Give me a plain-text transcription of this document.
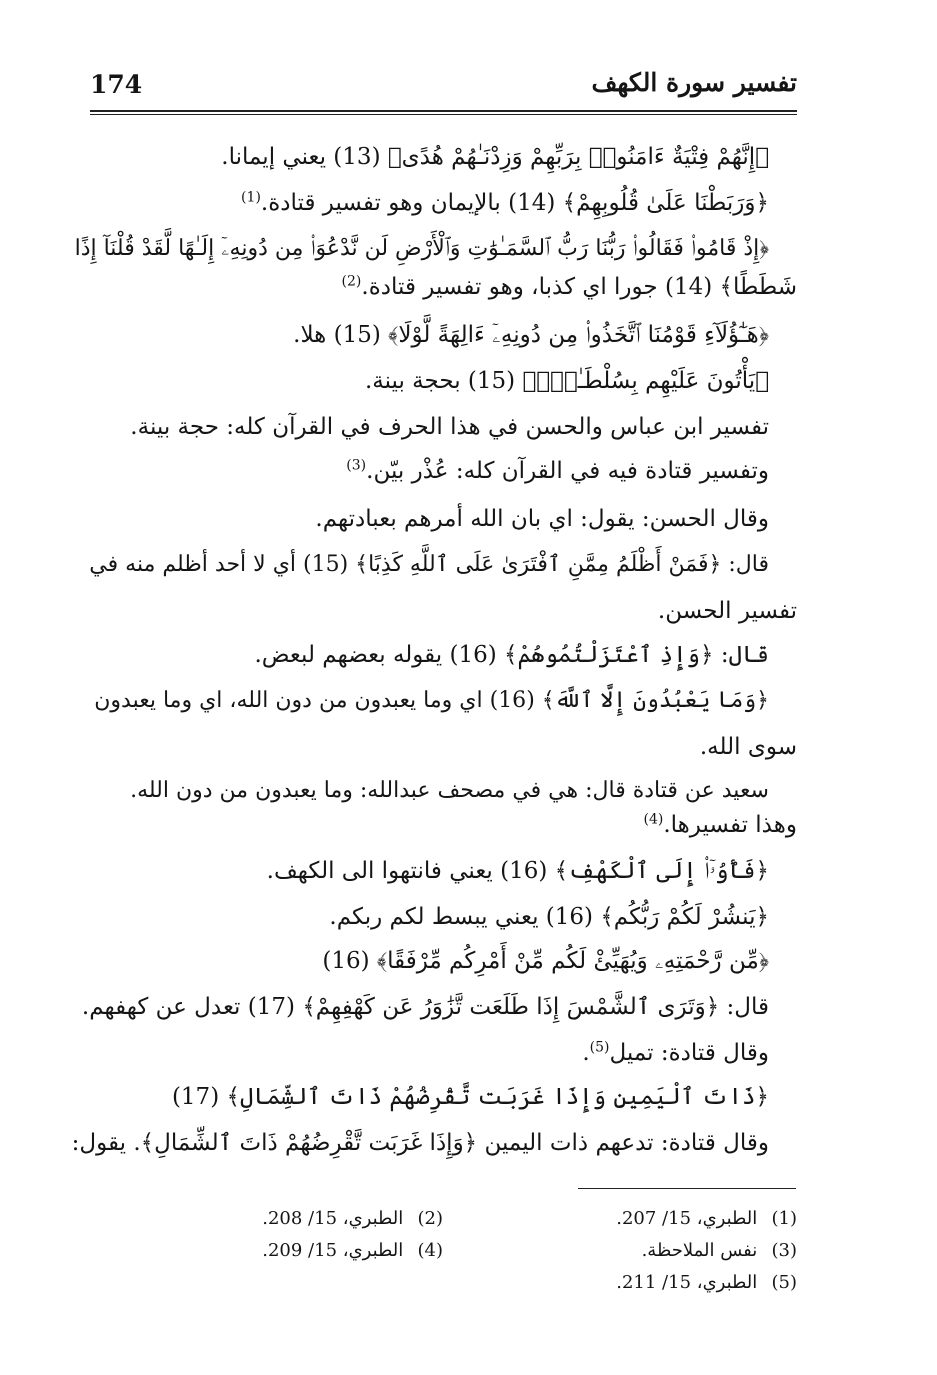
174	تفسير سورة الكهف
﴿إِنَّهُمْ فِتْيَةٌ ءَامَنُوا۟ بِرَبِّهِمْ وَزِدْنَـٰهُمْ هُدًى﴾ (13) يعني إيمانا.
﴿وَرَبَطْنَا عَلَىٰ قُلُوبِهِمْ﴾ (14) بالإيمان وهو تفسير قتادة.$^{(1)}$
﴿إِذْ قَامُوا۟ فَقَالُوا۟ رَبُّنَا رَبُّ ٱلسَّمَـٰوَٰتِ وَٱلْأَرْضِ لَن نَّدْعُوَا۟ مِن دُونِهِۦٓ إِلَـٰهًا لَّقَدْ قُلْنَآ إِذًا
شَطَطًا﴾ (14) جورا اي كذبا، وهو تفسير قتادة.$^{(2)}$
﴿هَـٰٓؤُلَآءِ قَوْمُنَا ٱتَّخَذُوا۟ مِن دُونِهِۦٓ ءَالِهَةً لَّوْلَا﴾ (15) هلا.
﴿يَأْتُونَ عَلَيْهِم بِسُلْطَـٰنٍۭ﴾ (15) بحجة بينة.
تفسير ابن عباس والحسن في هذا الحرف في القرآن كله: حجة بينة.
وتفسير قتادة فيه في القرآن كله: عُذْر بيّن.$^{(3)}$
وقال الحسن: يقول: اي بان الله أمرهم بعبادتهم.
قال: ﴿فَمَنْ أَظْلَمُ مِمَّنِ ٱفْتَرَىٰ عَلَى ٱللَّهِ كَذِبًا﴾ (15) أي لا أحد أظلم منه في
تفسير الحسن.
قال: ﴿وَإِذِ ٱعْتَزَلْتُمُوهُمْ﴾ (16) يقوله بعضهم لبعض.
﴿وَمَا يَعْبُدُونَ إِلَّا ٱللَّهَ﴾ (16) اي وما يعبدون من دون الله، اي وما يعبدون
سوى الله.
سعيد عن قتادة قال: هي في مصحف عبدالله: وما يعبدون من دون الله.
وهذا تفسيرها.$^{(4)}$
﴿فَأْوُۥٓا۟ إِلَى ٱلْكَهْفِ﴾ (16) يعني فانتهوا الى الكهف.
﴿يَنشُرْ لَكُمْ رَبُّكُم﴾ (16) يعني يبسط لكم ربكم.
﴿مِّن رَّحْمَتِهِۦ وَيُهَيِّئْ لَكُم مِّنْ أَمْرِكُم مِّرْفَقًا﴾ (16)
قال: ﴿وَتَرَى ٱلشَّمْسَ إِذَا طَلَعَت تَّزَٰوَرُ عَن كَهْفِهِمْ﴾ (17) تعدل عن كهفهم.
وقال قتادة: تميل$^{(5)}$.
﴿ذَاتَ ٱلْيَمِينِ وَإِذَا غَرَبَت تَّقْرِضُهُمْ ذَاتَ ٱلشِّمَالِ﴾ (17)
وقال قتادة: تدعهم ذات اليمين ﴿وَإِذَا غَرَبَت تَّقْرِضُهُمْ ذَاتَ ٱلشِّمَالِ﴾. يقول:
(1) الطبري، 15/ 207.
(2) الطبري، 15/ 208.
(3) نفس الملاحظة.
(4) الطبري، 15/ 209.
(5) الطبري، 15/ 211.
